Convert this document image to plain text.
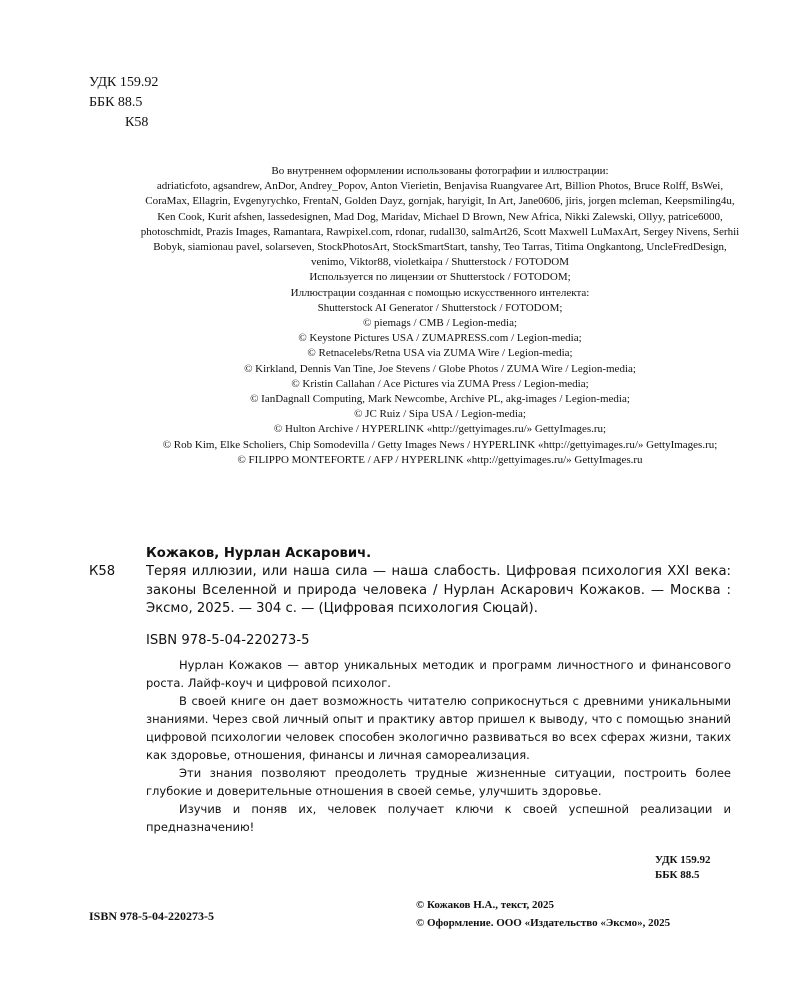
УДК 159.92
ББК 88.5
К58
Во внутреннем оформлении использованы фотографии и иллюстрации:
adriaticfoto, agsandrew, AnDor, Andrey_Popov, Anton Vierietin, Benjavisa Ruangvaree Art, Billion Photos, Bruce Rolff, BsWei, CoraMax, Ellagrin, Evgenyrychko, FrentaN, Golden Dayz, gornjak, haryigit, In Art, Jane0606, jiris, jorgen mcleman, Keepsmiling4u, Ken Cook, Kurit afshen, lassedesignen, Mad Dog, Maridav, Michael D Brown, New Africa, Nikki Zalewski, Ollyy, patrice6000, photoschmidt, Prazis Images, Ramantara, Rawpixel.com, rdonar, rudall30, salmArt26, Scott Maxwell LuMaxArt, Sergey Nivens, Serhii Bobyk, siamionau pavel, solarseven, StockPhotosArt, StockSmartStart, tanshy, Teo Tarras, Titima Ongkantong, UncleFredDesign, venimo, Viktor88, violetkaipa / Shutterstock / FOTODOM
Используется по лицензии от Shutterstock / FOTODOM;
Иллюстрации созданная с помощью искусственного интелекта:
Shutterstock AI Generator / Shutterstock / FOTODOM;
© piemags / CMB / Legion-media;
© Keystone Pictures USA / ZUMAPRESS.com / Legion-media;
© Retnacelebs/Retna USA via ZUMA Wire / Legion-media;
© Kirkland, Dennis Van Tine, Joe Stevens / Globe Photos / ZUMA Wire / Legion-media;
© Kristin Callahan / Ace Pictures via ZUMA Press / Legion-media;
© IanDagnall Computing, Mark Newcombe, Archive PL, akg-images / Legion-media;
© JC Ruiz / Sipa USA / Legion-media;
© Hulton Archive / HYPERLINK «http://gettyimages.ru/» GettyImages.ru;
© Rob Kim, Elke Scholiers, Chip Somodevilla / Getty Images News / HYPERLINK «http://gettyimages.ru/» GettyImages.ru;
© FILIPPO MONTEFORTE / AFP / HYPERLINK «http://gettyimages.ru/» GettyImages.ru
Кожаков, Нурлан Аскарович.
К58	Теряя иллюзии, или наша сила — наша слабость. Цифровая психология XXI века: законы Вселенной и природа человека / Нурлан Аскарович Кожаков. — Москва : Эксмо, 2025. — 304 с. — (Цифровая психология Сюцай).
ISBN 978-5-04-220273-5

Нурлан Кожаков — автор уникальных методик и программ личностного и финансового роста. Лайф-коуч и цифровой психолог.

В своей книге он дает возможность читателю соприкоснуться с древними уникальными знаниями. Через свой личный опыт и практику автор пришел к выводу, что с помощью знаний цифровой психологии человек способен экологично развиваться во всех сферах жизни, таких как здоровье, отношения, финансы и личная самореализация.

Эти знания позволяют преодолеть трудные жизненные ситуации, построить более глубокие и доверительные отношения в своей семье, улучшить здоровье.

Изучив и поняв их, человек получает ключи к своей успешной реализации и предназначению!

УДК 159.92
ББК 88.5
ISBN 978-5-04-220273-5
© Кожаков Н.А., текст, 2025
© Оформление. ООО «Издательство «Эксмо», 2025
